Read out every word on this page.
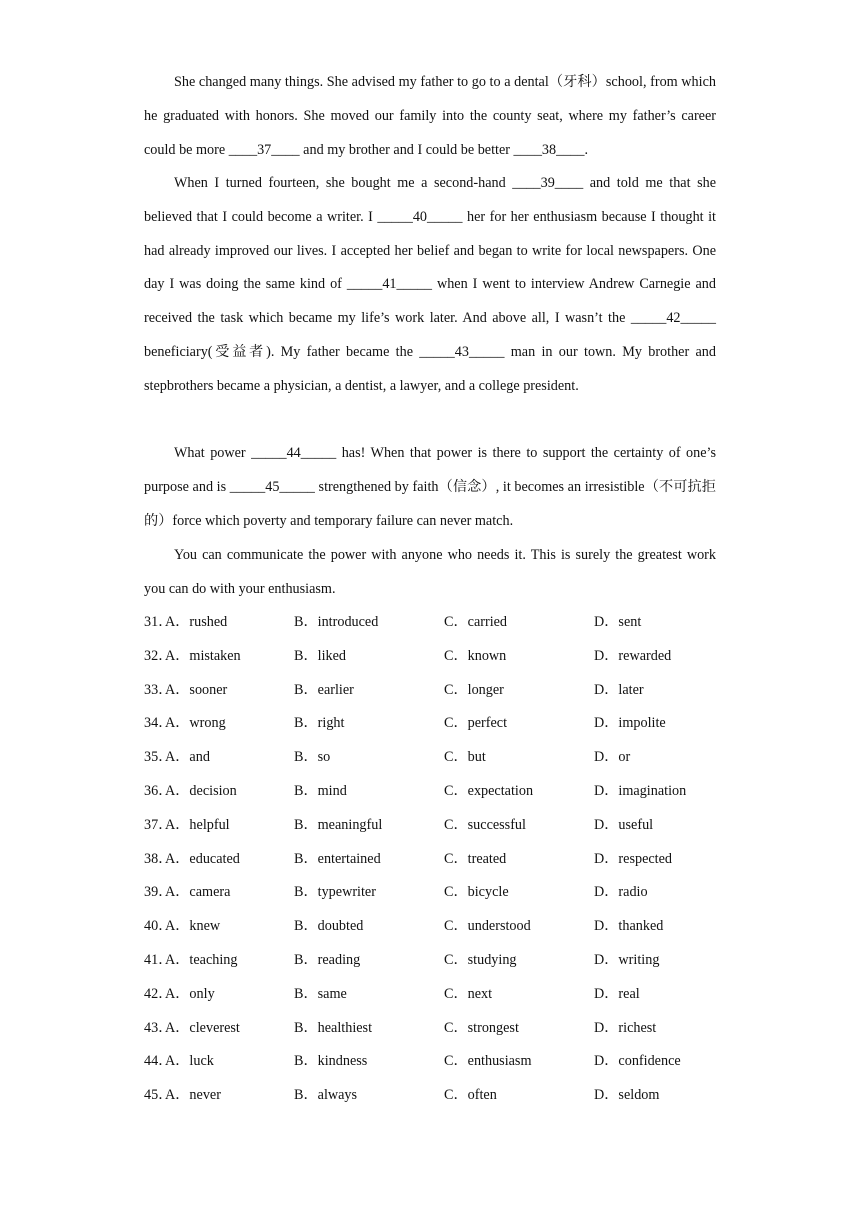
She changed many things. She advised my father to go to a dental（牙科）school, from which he graduated with honors. She moved our family into the county seat, where my father’s career could be more ____37____ and my brother and I could be better ____38____.

When I turned fourteen, she bought me a second-hand ____39____ and told me that she believed that I could become a writer. I _____40_____ her for her enthusiasm because I thought it had already improved our lives. I accepted her belief and began to write for local newspapers. One day I was doing the same kind of _____41_____ when I went to interview Andrew Carnegie and received the task which became my life’s work later. And above all, I wasn’t the _____42_____ beneficiary(受益者). My father became the _____43_____ man in our town. My brother and stepbrothers became a physician, a dentist, a lawyer, and a college president.

What power _____44_____ has! When that power is there to support the certainty of one’s purpose and is _____45_____ strengthened by faith（信念）, it becomes an irresistible（不可抗拒的）force which poverty and temporary failure can never match.

You can communicate the power with anyone who needs it. This is surely the greatest work you can do with your enthusiasm.

31．
A．rushed	B．introduced	C．carried	D．sent
32．
A．mistaken	B．liked	C．known	D．rewarded
33．
A．sooner	B．earlier	C．longer	D．later
34．
A．wrong	B．right	C．perfect	D．impolite
35．
A．and	B．so	C．but	D．or
36．
A．decision	B．mind	C．expectation	D．imagination
37．
A．helpful	B．meaningful	C．successful	D．useful
38．
A．educated	B．entertained	C．treated	D．respected
39．
A．camera	B．typewriter	C．bicycle	D．radio
40．
A．knew	B．doubted	C．understood	D．thanked
41．
A．teaching	B．reading	C．studying	D．writing
42．
A．only	B．same	C．next	D．real
43．
A．cleverest	B．healthiest	C．strongest	D．richest
44．
A．luck	B．kindness	C．enthusiasm	D．confidence
45．
A．never	B．always	C．often	D．seldom
